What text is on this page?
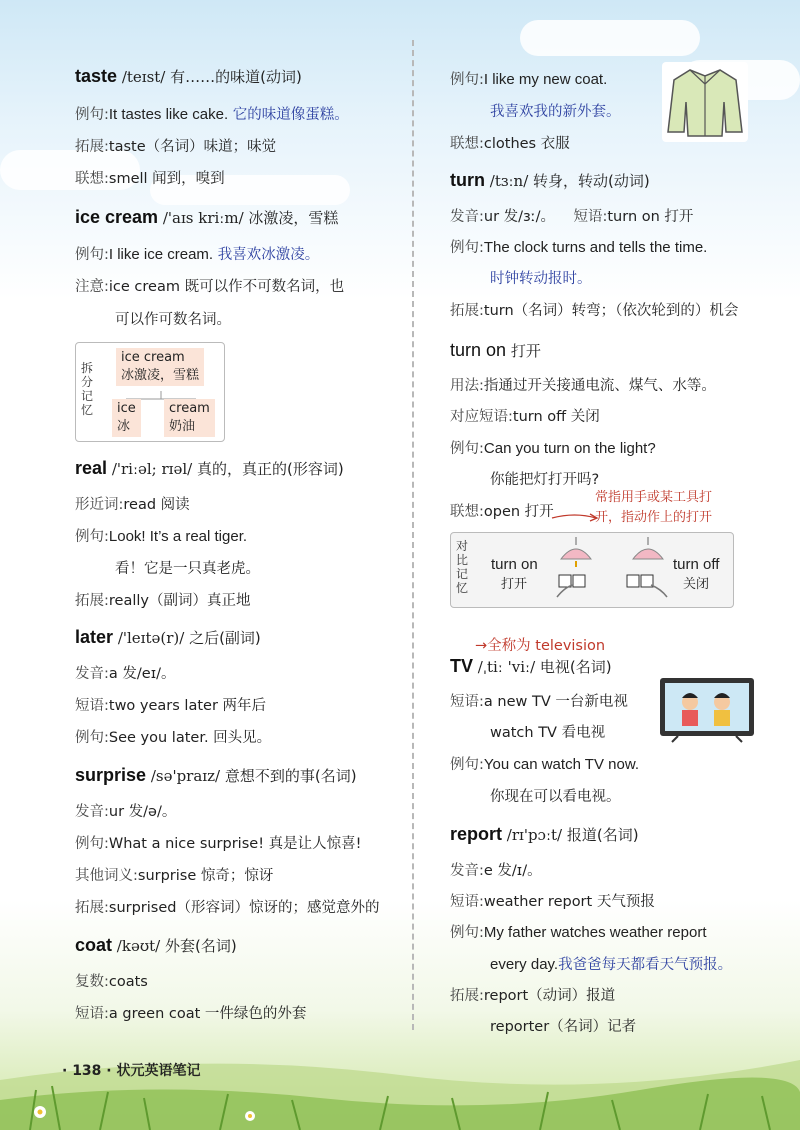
taste /teɪst/ 有……的味道(动词)
例句:It tastes like cake. 它的味道像蛋糕。
拓展:taste（名词）味道；味觉
联想:smell 闻到，嗅到
ice cream /'aɪs kriːm/ 冰激凌，雪糕
例句:I like ice cream. 我喜欢冰激凌。
注意:ice cream 既可以作不可数名词，也
可以作可数名词。
拆分记忆
ice cream
冰激凌，雪糕
ice
冰
cream
奶油
real /'riːəl; rɪəl/ 真的，真正的(形容词)
形近词:read 阅读
例句:Look! It’s a real tiger.
看！它是一只真老虎。
拓展:really（副词）真正地
later /'leɪtə(r)/ 之后(副词)
发音:a 发/eɪ/。
短语:two years later 两年后
例句:See you later. 回头见。
surprise /sə'praɪz/ 意想不到的事(名词)
发音:ur 发/ə/。
例句:What a nice surprise! 真是让人惊喜!
其他词义:surprise 惊奇；惊讶
拓展:surprised（形容词）惊讶的；感觉意外的
coat /kəʊt/ 外套(名词)
复数:coats
短语:a green coat 一件绿色的外套
例句:I like my new coat.
我喜欢我的新外套。
联想:clothes 衣服
turn /tɜːn/ 转身，转动(动词)
发音:ur 发/ɜː/。 短语:turn on 打开
例句:The clock turns and tells the time.
时钟转动报时。
拓展:turn（名词）转弯；（依次轮到的）机会
turn on 打开
用法:指通过开关接通电流、煤气、水等。
对应短语:turn off 关闭
例句:Can you turn on the light?
你能把灯打开吗?
联想:open 打开
常指用手或某工具打
开，指动作上的打开
对比记忆
turn on
打开
turn off
关闭
→全称为 television
TV /ˌtiː 'viː/ 电视(名词)
短语:a new TV 一台新电视
watch TV 看电视
例句:You can watch TV now.
你现在可以看电视。
report /rɪ'pɔːt/ 报道(名词)
发音:e 发/ɪ/。
短语:weather report 天气预报
例句:My father watches weather report
every day.我爸爸每天都看天气预报。
拓展:report（动词）报道
reporter（名词）记者
· 138 · 状元英语笔记
